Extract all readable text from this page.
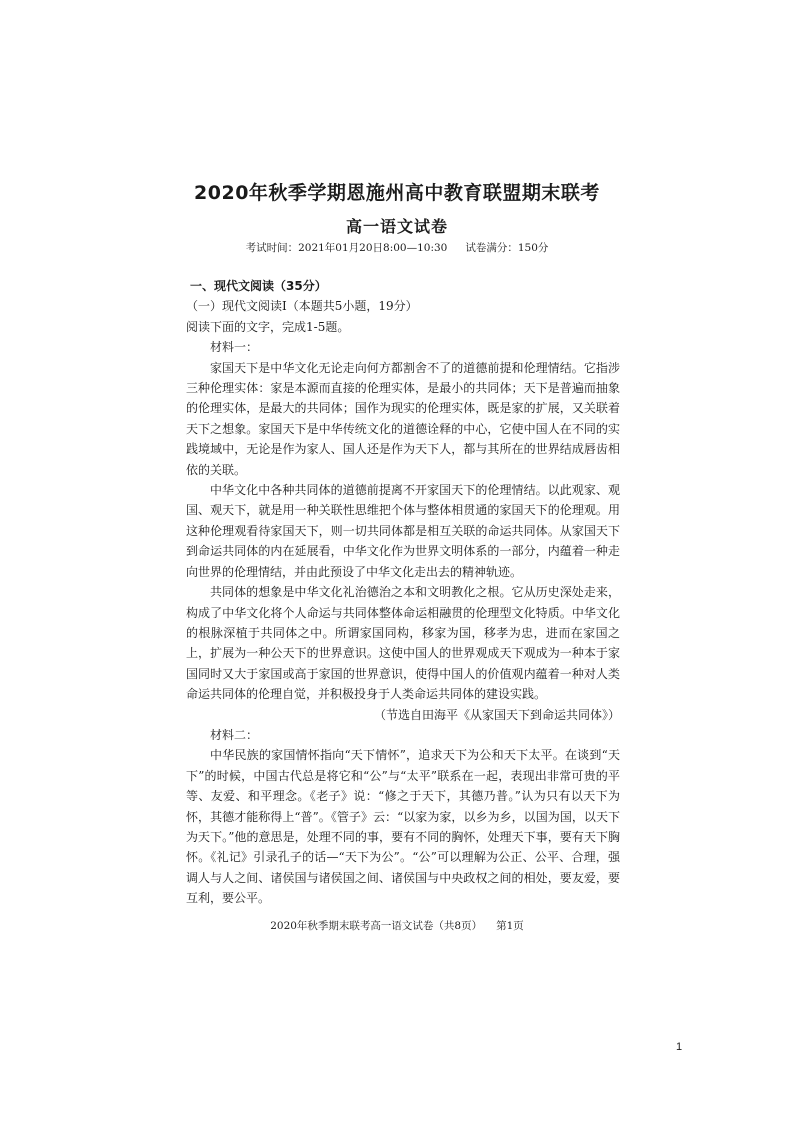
2020年秋季学期恩施州高中教育联盟期末联考
高一语文试卷
考试时间：2021年01月20日8:00—10:30 试卷满分：150分

一、现代文阅读（35分）

（一）现代文阅读Ⅰ（本题共5小题，19分）

阅读下面的文字，完成1-5题。

材料一：

家国天下是中华文化无论走向何方都割舍不了的道德前提和伦理情结。它指涉三种伦理实体：家是本源而直接的伦理实体，是最小的共同体；天下是普遍而抽象的伦理实体，是最大的共同体；国作为现实的伦理实体，既是家的扩展，又关联着天下之想象。家国天下是中华传统文化的道德诠释的中心，它使中国人在不同的实践境域中，无论是作为家人、国人还是作为天下人，都与其所在的世界结成唇齿相依的关联。

中华文化中各种共同体的道德前提离不开家国天下的伦理情结。以此观家、观国、观天下，就是用一种关联性思维把个体与整体相贯通的家国天下的伦理观。用这种伦理观看待家国天下，则一切共同体都是相互关联的命运共同体。从家国天下到命运共同体的内在延展看，中华文化作为世界文明体系的一部分，内蕴着一种走向世界的伦理情结，并由此预设了中华文化走出去的精神轨迹。

共同体的想象是中华文化礼治德治之本和文明教化之根。它从历史深处走来，构成了中华文化将个人命运与共同体整体命运相融贯的伦理型文化特质。中华文化的根脉深植于共同体之中。所谓家国同构，移家为国，移孝为忠，进而在家国之上，扩展为一种公天下的世界意识。这使中国人的世界观成天下观成为一种本于家国同时又大于家国或高于家国的世界意识，使得中国人的价值观内蕴着一种对人类命运共同体的伦理自觉，并积极投身于人类命运共同体的建设实践。

（节选自田海平《从家国天下到命运共同体》）

材料二：

中华民族的家国情怀指向“天下情怀”，追求天下为公和天下太平。在谈到“天下”的时候，中国古代总是将它和“公”与“太平”联系在一起，表现出非常可贵的平等、友爱、和平理念。《老子》说：“修之于天下，其德乃普。”认为只有以天下为怀，其德才能称得上“普”。《管子》云：“以家为家，以乡为乡，以国为国，以天下为天下。”他的意思是，处理不同的事，要有不同的胸怀，处理天下事，要有天下胸怀。《礼记》引录孔子的话—“天下为公”。“公”可以理解为公正、公平、合理，强调人与人之间、诸侯国与诸侯国之间、诸侯国与中央政权之间的相处，要友爱，要互利，要公平。

2020年秋季期末联考高一语文试卷（共8页） 第1页
1
